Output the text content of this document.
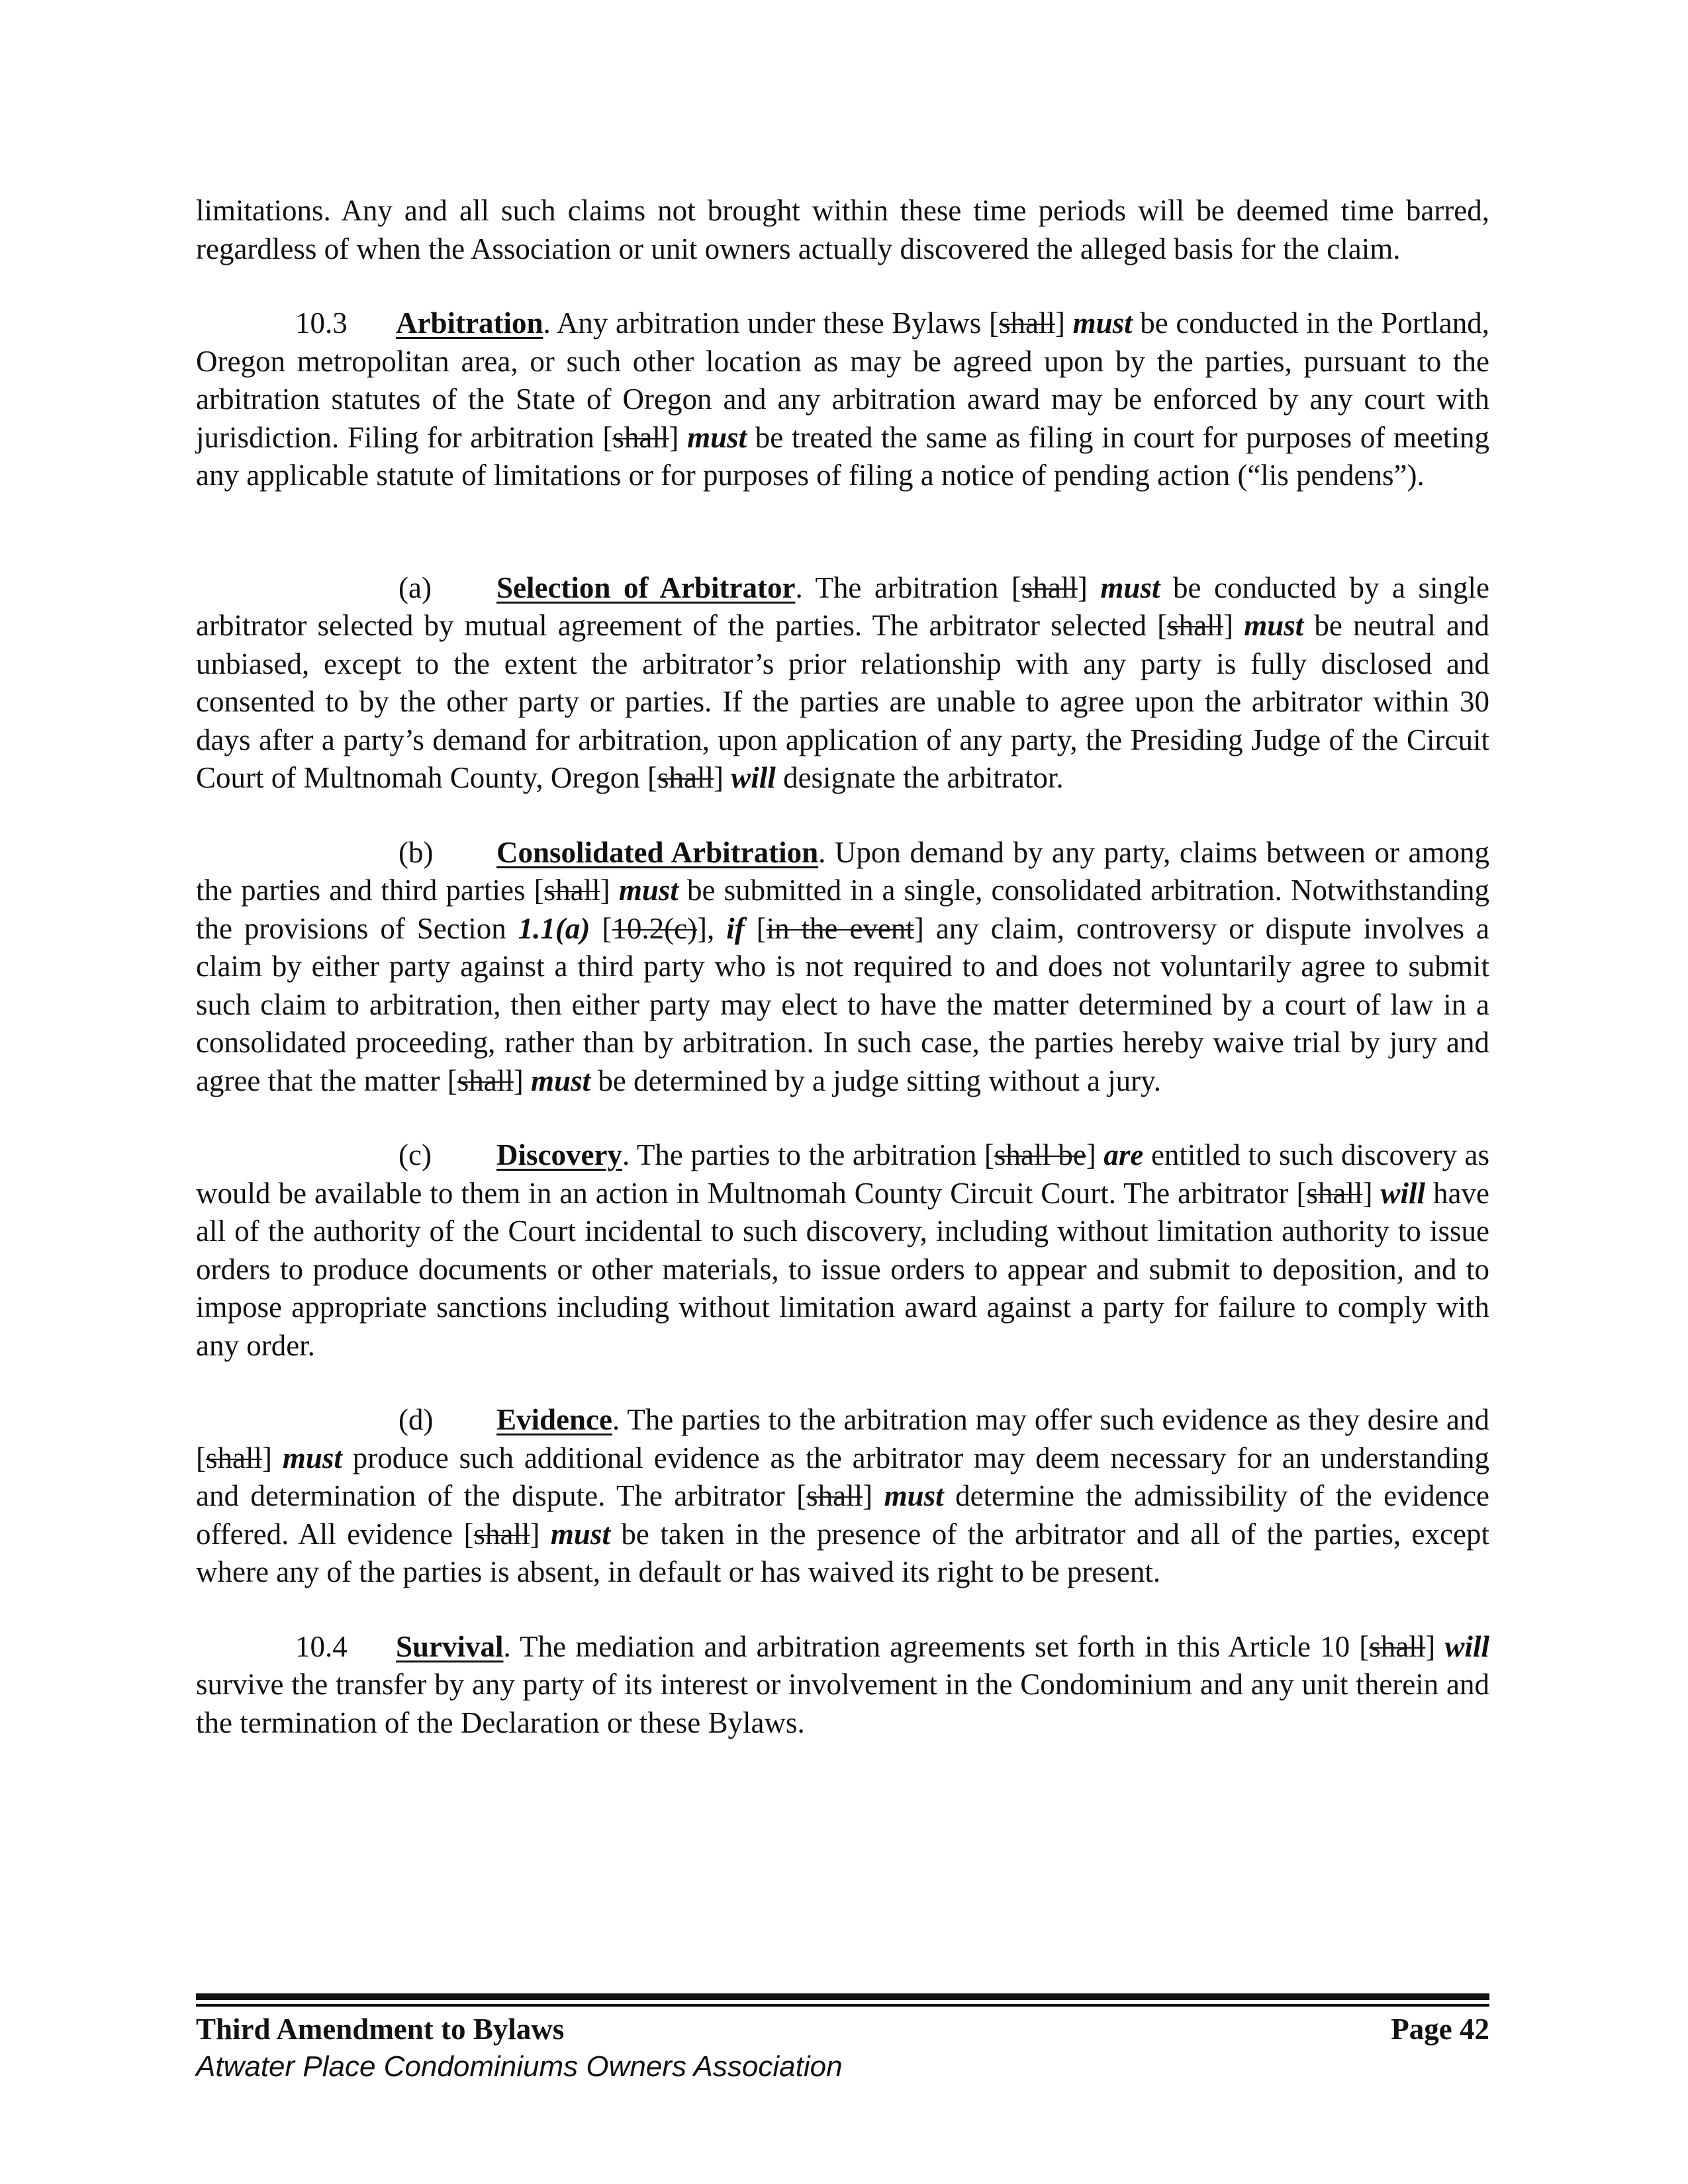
limitations. Any and all such claims not brought within these time periods will be deemed time barred, regardless of when the Association or unit owners actually discovered the alleged basis for the claim.

10.3 Arbitration. Any arbitration under these Bylaws [shall] must be conducted in the Portland, Oregon metropolitan area, or such other location as may be agreed upon by the parties, pursuant to the arbitration statutes of the State of Oregon and any arbitration award may be enforced by any court with jurisdiction. Filing for arbitration [shall] must be treated the same as filing in court for purposes of meeting any applicable statute of limitations or for purposes of filing a notice of pending action (“lis pendens”).

(a) Selection of Arbitrator. The arbitration [shall] must be conducted by a single arbitrator selected by mutual agreement of the parties. The arbitrator selected [shall] must be neutral and unbiased, except to the extent the arbitrator’s prior relationship with any party is fully disclosed and consented to by the other party or parties. If the parties are unable to agree upon the arbitrator within 30 days after a party’s demand for arbitration, upon application of any party, the Presiding Judge of the Circuit Court of Multnomah County, Oregon [shall] will designate the arbitrator.

(b) Consolidated Arbitration. Upon demand by any party, claims between or among the parties and third parties [shall] must be submitted in a single, consolidated arbitration. Notwithstanding the provisions of Section 1.1(a) [10.2(c)], if [in the event] any claim, controversy or dispute involves a claim by either party against a third party who is not required to and does not voluntarily agree to submit such claim to arbitration, then either party may elect to have the matter determined by a court of law in a consolidated proceeding, rather than by arbitration. In such case, the parties hereby waive trial by jury and agree that the matter [shall] must be determined by a judge sitting without a jury.

(c) Discovery. The parties to the arbitration [shall be] are entitled to such discovery as would be available to them in an action in Multnomah County Circuit Court. The arbitrator [shall] will have all of the authority of the Court incidental to such discovery, including without limitation authority to issue orders to produce documents or other materials, to issue orders to appear and submit to deposition, and to impose appropriate sanctions including without limitation award against a party for failure to comply with any order.

(d) Evidence. The parties to the arbitration may offer such evidence as they desire and [shall] must produce such additional evidence as the arbitrator may deem necessary for an understanding and determination of the dispute. The arbitrator [shall] must determine the admissibility of the evidence offered. All evidence [shall] must be taken in the presence of the arbitrator and all of the parties, except where any of the parties is absent, in default or has waived its right to be present.

10.4 Survival. The mediation and arbitration agreements set forth in this Article 10 [shall] will survive the transfer by any party of its interest or involvement in the Condominium and any unit therein and the termination of the Declaration or these Bylaws.

Third Amendment to Bylaws	Page 42
Atwater Place Condominiums Owners Association
